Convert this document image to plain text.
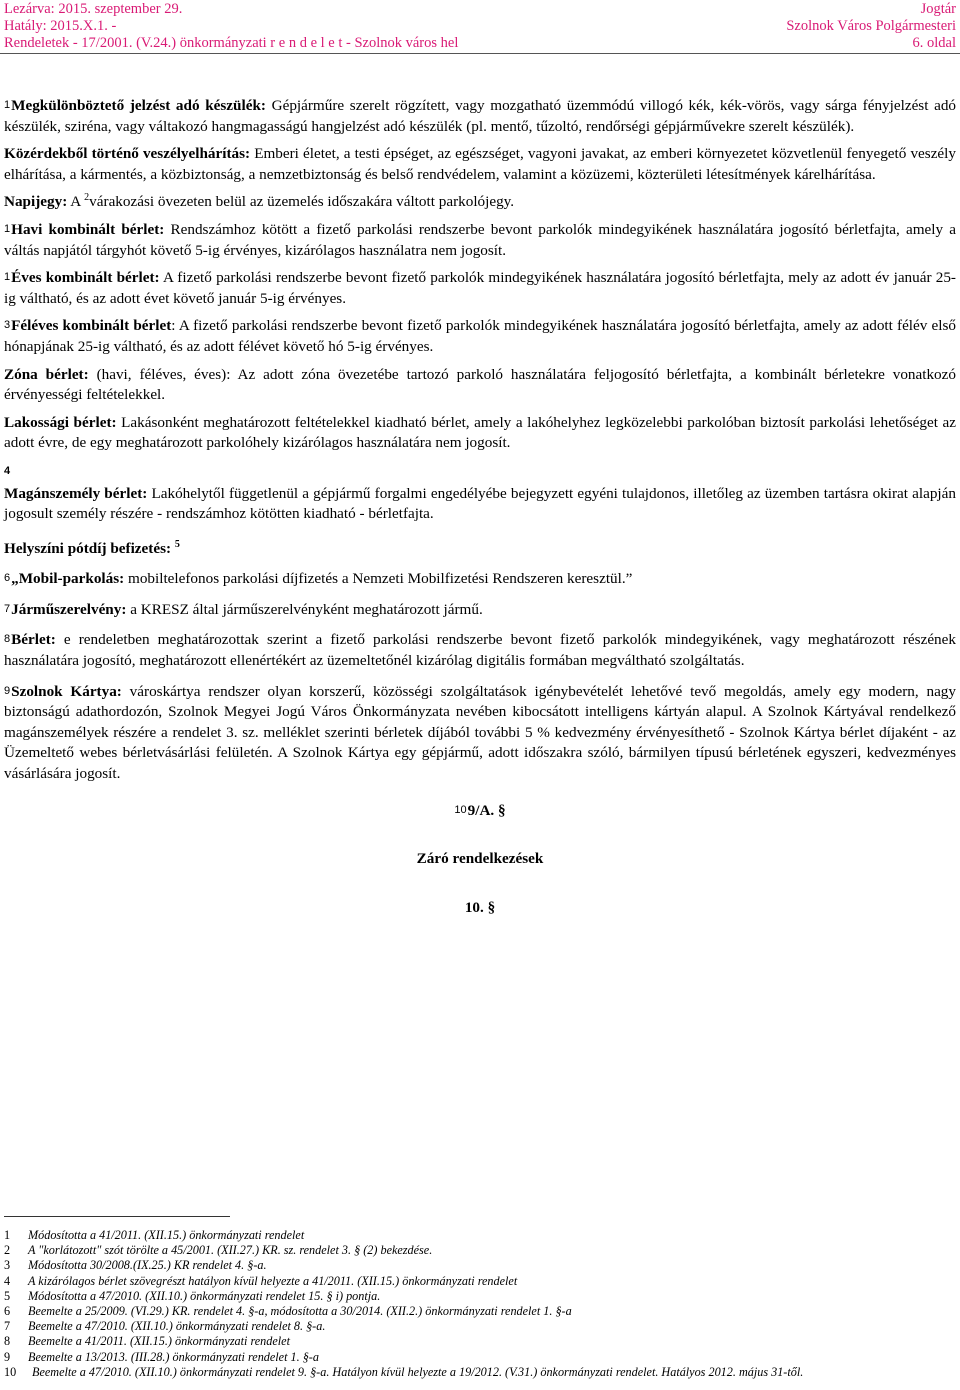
Lezárva: 2015. szeptember 29.
Hatály: 2015.X.1. -
Rendeletek - 17/2001. (V.24.) önkormányzati r e n d e l e t - Szolnok város hel
Jogtár
Szolnok Város Polgármesteri
6. oldal

$^1$Megkülönböztető jelzést adó készülék: Gépjárműre szerelt rögzített, vagy mozgatható üzemmódú villogó kék, kék-vörös, vagy sárga fényjelzést adó készülék, sziréna, vagy váltakozó hangmagasságú hangjelzést adó készülék (pl. mentő, tűzoltó, rendőrségi gépjárművekre szerelt készülék).

Közérdekből történő veszélyelhárítás: Emberi életet, a testi épséget, az egészséget, vagyoni javakat, az emberi környezetet közvetlenül fenyegető veszély elhárítása, a kármentés, a közbiztonság, a nemzetbiztonság és belső rendvédelem, valamint a közüzemi, közterületi létesítmények kárelhárítása.

Napijegy: A $^2$várakozási övezeten belül az üzemelés időszakára váltott parkolójegy.

$^1$Havi kombinált bérlet: Rendszámhoz kötött a fizető parkolási rendszerbe bevont parkolók mindegyikének használatára jogosító bérletfajta, amely a váltás napjától tárgyhót követő 5-ig érvényes, kizárólagos használatra nem jogosít.

$^1$Éves kombinált bérlet: A fizető parkolási rendszerbe bevont fizető parkolók mindegyikének használatára jogosító bérletfajta, mely az adott év január 25-ig váltható, és az adott évet követő január 5-ig érvényes.

$^3$Féléves kombinált bérlet: A fizető parkolási rendszerbe bevont fizető parkolók mindegyikének használatára jogosító bérletfajta, amely az adott félév első hónapjának 25-ig váltható, és az adott félévet követő hó 5-ig érvényes.

Zóna bérlet: (havi, féléves, éves): Az adott zóna övezetébe tartozó parkoló használatára feljogosító bérletfajta, a kombinált bérletekre vonatkozó érvényességi feltételekkel.

Lakossági bérlet: Lakásonként meghatározott feltételekkel kiadható bérlet, amely a lakóhelyhez legközelebbi parkolóban biztosít parkolási lehetőséget az adott évre, de egy meghatározott parkolóhely kizárólagos használatára nem jogosít.

$^4$

Magánszemély bérlet: Lakóhelytől függetlenül a gépjármű forgalmi engedélyébe bejegyzett egyéni tulajdonos, illetőleg az üzemben tartásra okirat alapján jogosult személy részére - rendszámhoz kötötten kiadható - bérletfajta.

Helyszíni pótdíj befizetés: $^5$

$^6$„Mobil-parkolás: mobiltelefonos parkolási díjfizetés a Nemzeti Mobilfizetési Rendszeren keresztül.”

$^7$Járműszerelvény: a KRESZ által járműszerelvényként meghatározott jármű.

$^8$Bérlet: e rendeletben meghatározottak szerint a fizető parkolási rendszerbe bevont fizető parkolók mindegyikének, vagy meghatározott részének használatára jogosító, meghatározott ellenértékért az üzemeltetőnél kizárólag digitális formában megváltható szolgáltatás.

$^9$Szolnok Kártya: városkártya rendszer olyan korszerű, közösségi szolgáltatások igénybevételét lehetővé tevő megoldás, amely egy modern, nagy biztonságú adathordozón, Szolnok Megyei Jogú Város Önkormányzata nevében kibocsátott intelligens kártyán alapul. A Szolnok Kártyával rendelkező magánszemélyek részére a rendelet 3. sz. melléklet szerinti bérletek díjából további 5 % kedvezmény érvényesíthető - Szolnok Kártya bérlet díjaként - az Üzemeltető webes bérletvásárlási felületén. A Szolnok Kártya egy gépjármű, adott időszakra szóló, bármilyen típusú bérletének egyszeri, kedvezményes vásárlására jogosít.

$^{10}$9/A. §

Záró rendelkezések

10. §

1	Módosította a 41/2011. (XII.15.) önkormányzati rendelet
2	A "korlátozott" szót törölte a 45/2001. (XII.27.) KR. sz. rendelet 3. § (2) bekezdése.
3	Módosította 30/2008.(IX.25.) KR rendelet 4. §-a.
4	A kizárólagos bérlet szövegrészt hatályon kívül helyezte a 41/2011. (XII.15.) önkormányzati rendelet
5	Módosította a 47/2010. (XII.10.) önkormányzati rendelet 15. § i) pontja.
6	Beemelte a 25/2009. (VI.29.) KR. rendelet 4. §-a, módosította a 30/2014. (XII.2.) önkormányzati rendelet 1. §-a
7	Beemelte a 47/2010. (XII.10.) önkormányzati rendelet 8. §-a.
8	Beemelte a 41/2011. (XII.15.) önkormányzati rendelet
9	Beemelte a 13/2013. (III.28.) önkormányzati rendelet 1. §-a
10	Beemelte a 47/2010. (XII.10.) önkormányzati rendelet 9. §-a. Hatályon kívül helyezte a 19/2012. (V.31.) önkormányzati rendelet. Hatályos 2012. május 31-től.
